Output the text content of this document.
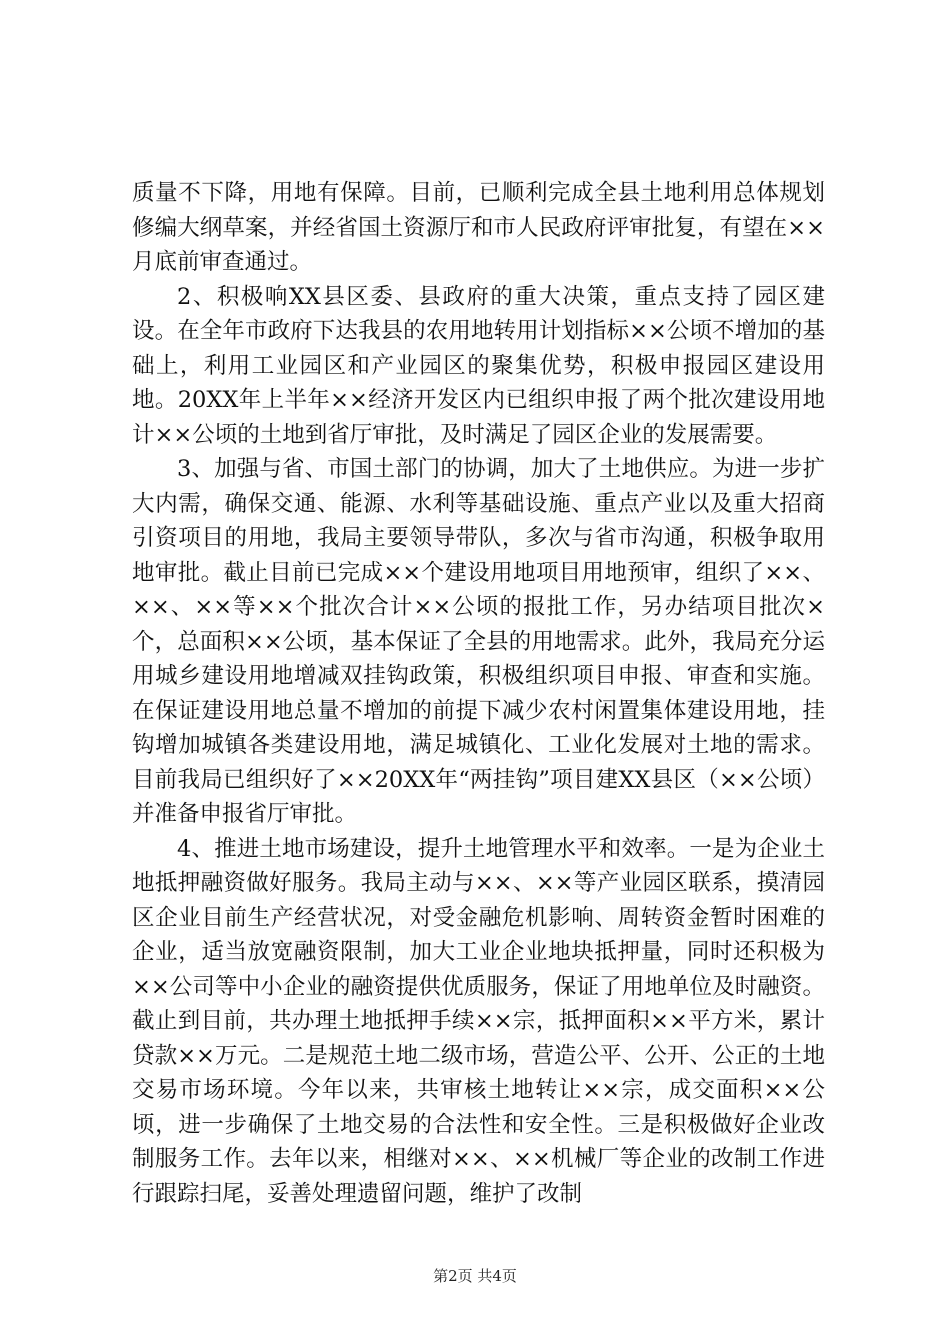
质量不下降，用地有保障。目前，已顺利完成全县土地利用总体规划修编大纲草案，并经省国土资源厅和市人民政府评审批复，有望在××月底前审查通过。

2、积极响XX县区委、县政府的重大决策，重点支持了园区建设。在全年市政府下达我县的农用地转用计划指标××公顷不增加的基础上，利用工业园区和产业园区的聚集优势，积极申报园区建设用地。20XX年上半年××经济开发区内已组织申报了两个批次建设用地计××公顷的土地到省厅审批，及时满足了园区企业的发展需要。

3、加强与省、市国土部门的协调，加大了土地供应。为进一步扩大内需，确保交通、能源、水利等基础设施、重点产业以及重大招商引资项目的用地，我局主要领导带队，多次与省市沟通，积极争取用地审批。截止目前已完成××个建设用地项目用地预审，组织了××、××、××等××个批次合计××公顷的报批工作，另办结项目批次×个，总面积××公顷，基本保证了全县的用地需求。此外，我局充分运用城乡建设用地增减双挂钩政策，积极组织项目申报、审查和实施。在保证建设用地总量不增加的前提下减少农村闲置集体建设用地，挂钩增加城镇各类建设用地，满足城镇化、工业化发展对土地的需求。目前我局已组织好了××20XX年“两挂钩”项目建XX县区（××公顷）并准备申报省厅审批。

4、推进土地市场建设，提升土地管理水平和效率。一是为企业土地抵押融资做好服务。我局主动与××、××等产业园区联系，摸清园区企业目前生产经营状况，对受金融危机影响、周转资金暂时困难的企业，适当放宽融资限制，加大工业企业地块抵押量，同时还积极为××公司等中小企业的融资提供优质服务，保证了用地单位及时融资。截止到目前，共办理土地抵押手续××宗，抵押面积××平方米，累计贷款××万元。二是规范土地二级市场，营造公平、公开、公正的土地交易市场环境。今年以来，共审核土地转让××宗，成交面积××公顷，进一步确保了土地交易的合法性和安全性。三是积极做好企业改制服务工作。去年以来，相继对××、××机械厂等企业的改制工作进行跟踪扫尾，妥善处理遗留问题，维护了改制

第2页 共4页
